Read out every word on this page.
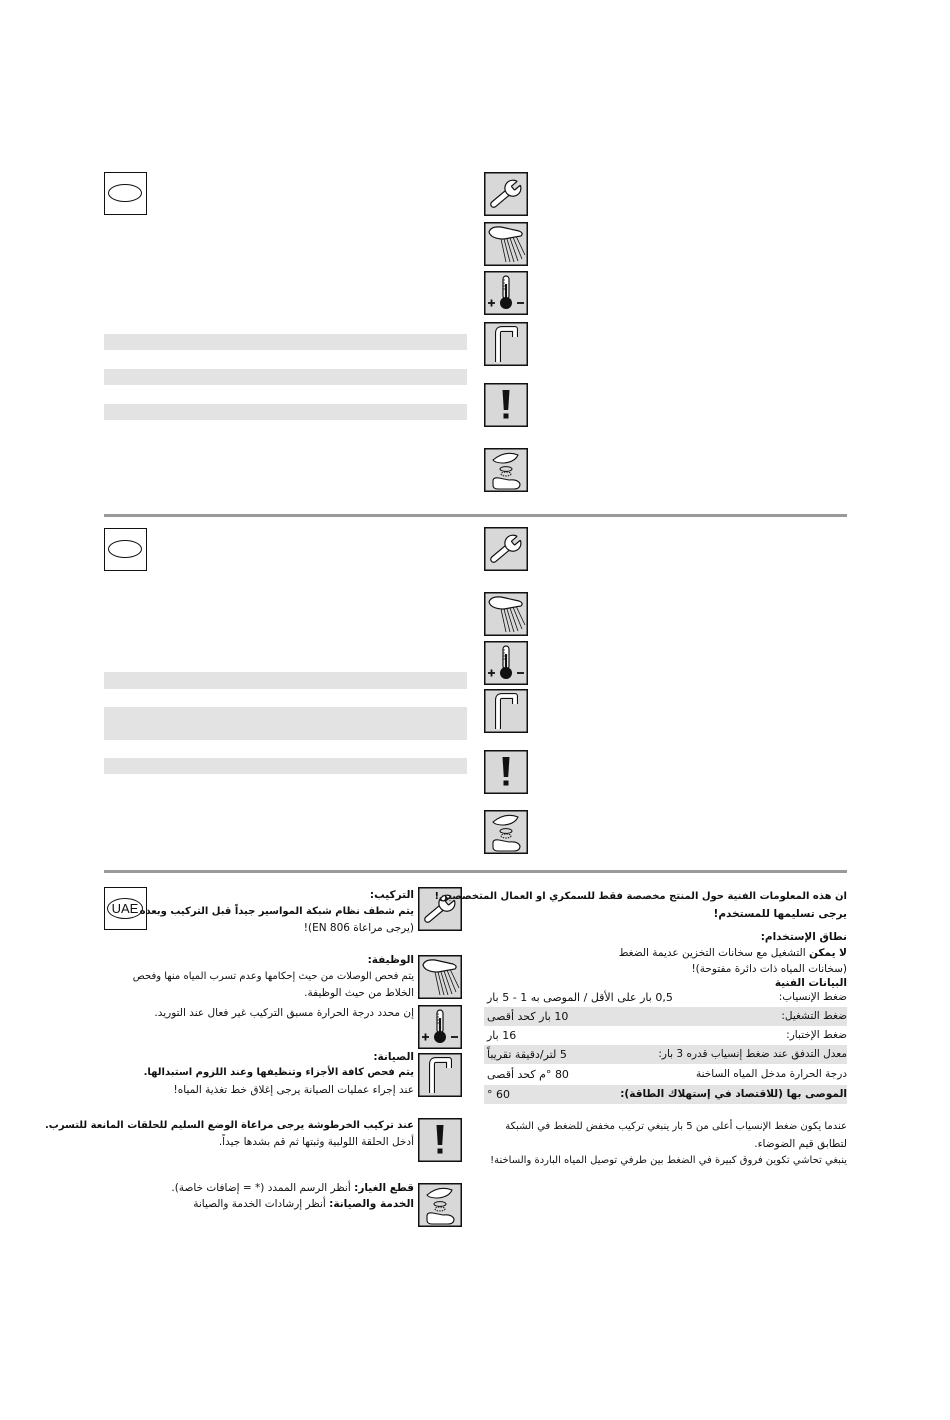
UAE
التركيب:
يتم شطف نظام شبكة المواسير جيداً قبل التركيب وبعده
(يرجى مراعاة EN 806)!
الوظيفة:
يتم فحص الوصلات من حيث إحكامها وعدم تسرب المياه منها وفحص
الخلاط من حيث الوظيفة.
إن محدد درجة الحرارة مسبق التركيب غير فعال عند التوريد.
الصيانة:
يتم فحص كافة الأجزاء وتنظيفها وعند اللزوم استبدالها.
عند إجراء عمليات الصيانة يرجى إغلاق خط تغذية المياه!
عند تركيب الخرطوشة يرجى مراعاة الوضع السليم للحلقات المانعة للتسرب.
أدخل الحلقة اللولبية وثبتها ثم قم بشدها جيداً.
قطع الغيار: أنظر الرسم الممدد (* = إضافات خاصة).
الخدمة والصيانة: أنظر إرشادات الخدمة والصيانة
ان هذه المعلومات الفنية حول المنتج مخصصة فقط للسمكري او العمال المتخصصين!
يرجى تسليمها للمستخدم!
نطاق الإستخدام:
لا يمكن التشغيل مع سخانات التخزين عديمة الضغط
(سخانات المياه ذات دائرة مفتوحة)!
البيانات الفنية
ضغط الإنسياب:
0,5 بار على الأقل / الموصى به 1 - 5 بار
ضغط التشغيل:
10 بار كحد أقصى
ضغط الإختبار:
16 بار
معدل التدفق عند ضغط إنسياب قدره 3 بار:
5 لتر/دقيقة تقريباً
درجة الحرارة مدخل المياه الساخنة
80 °م كحد أقصى
الموصى بها (للاقتصاد في إستهلاك الطاقة):
60 °
عندما يكون ضغط الإنسياب أعلى من 5 بار ينبغي تركيب مخفض للضغط في الشبكة
لتطابق قيم الضوضاء.
ينبغي تحاشي تكوين فروق كبيرة في الضغط بين طرفي توصيل المياه الباردة والساخنة!
